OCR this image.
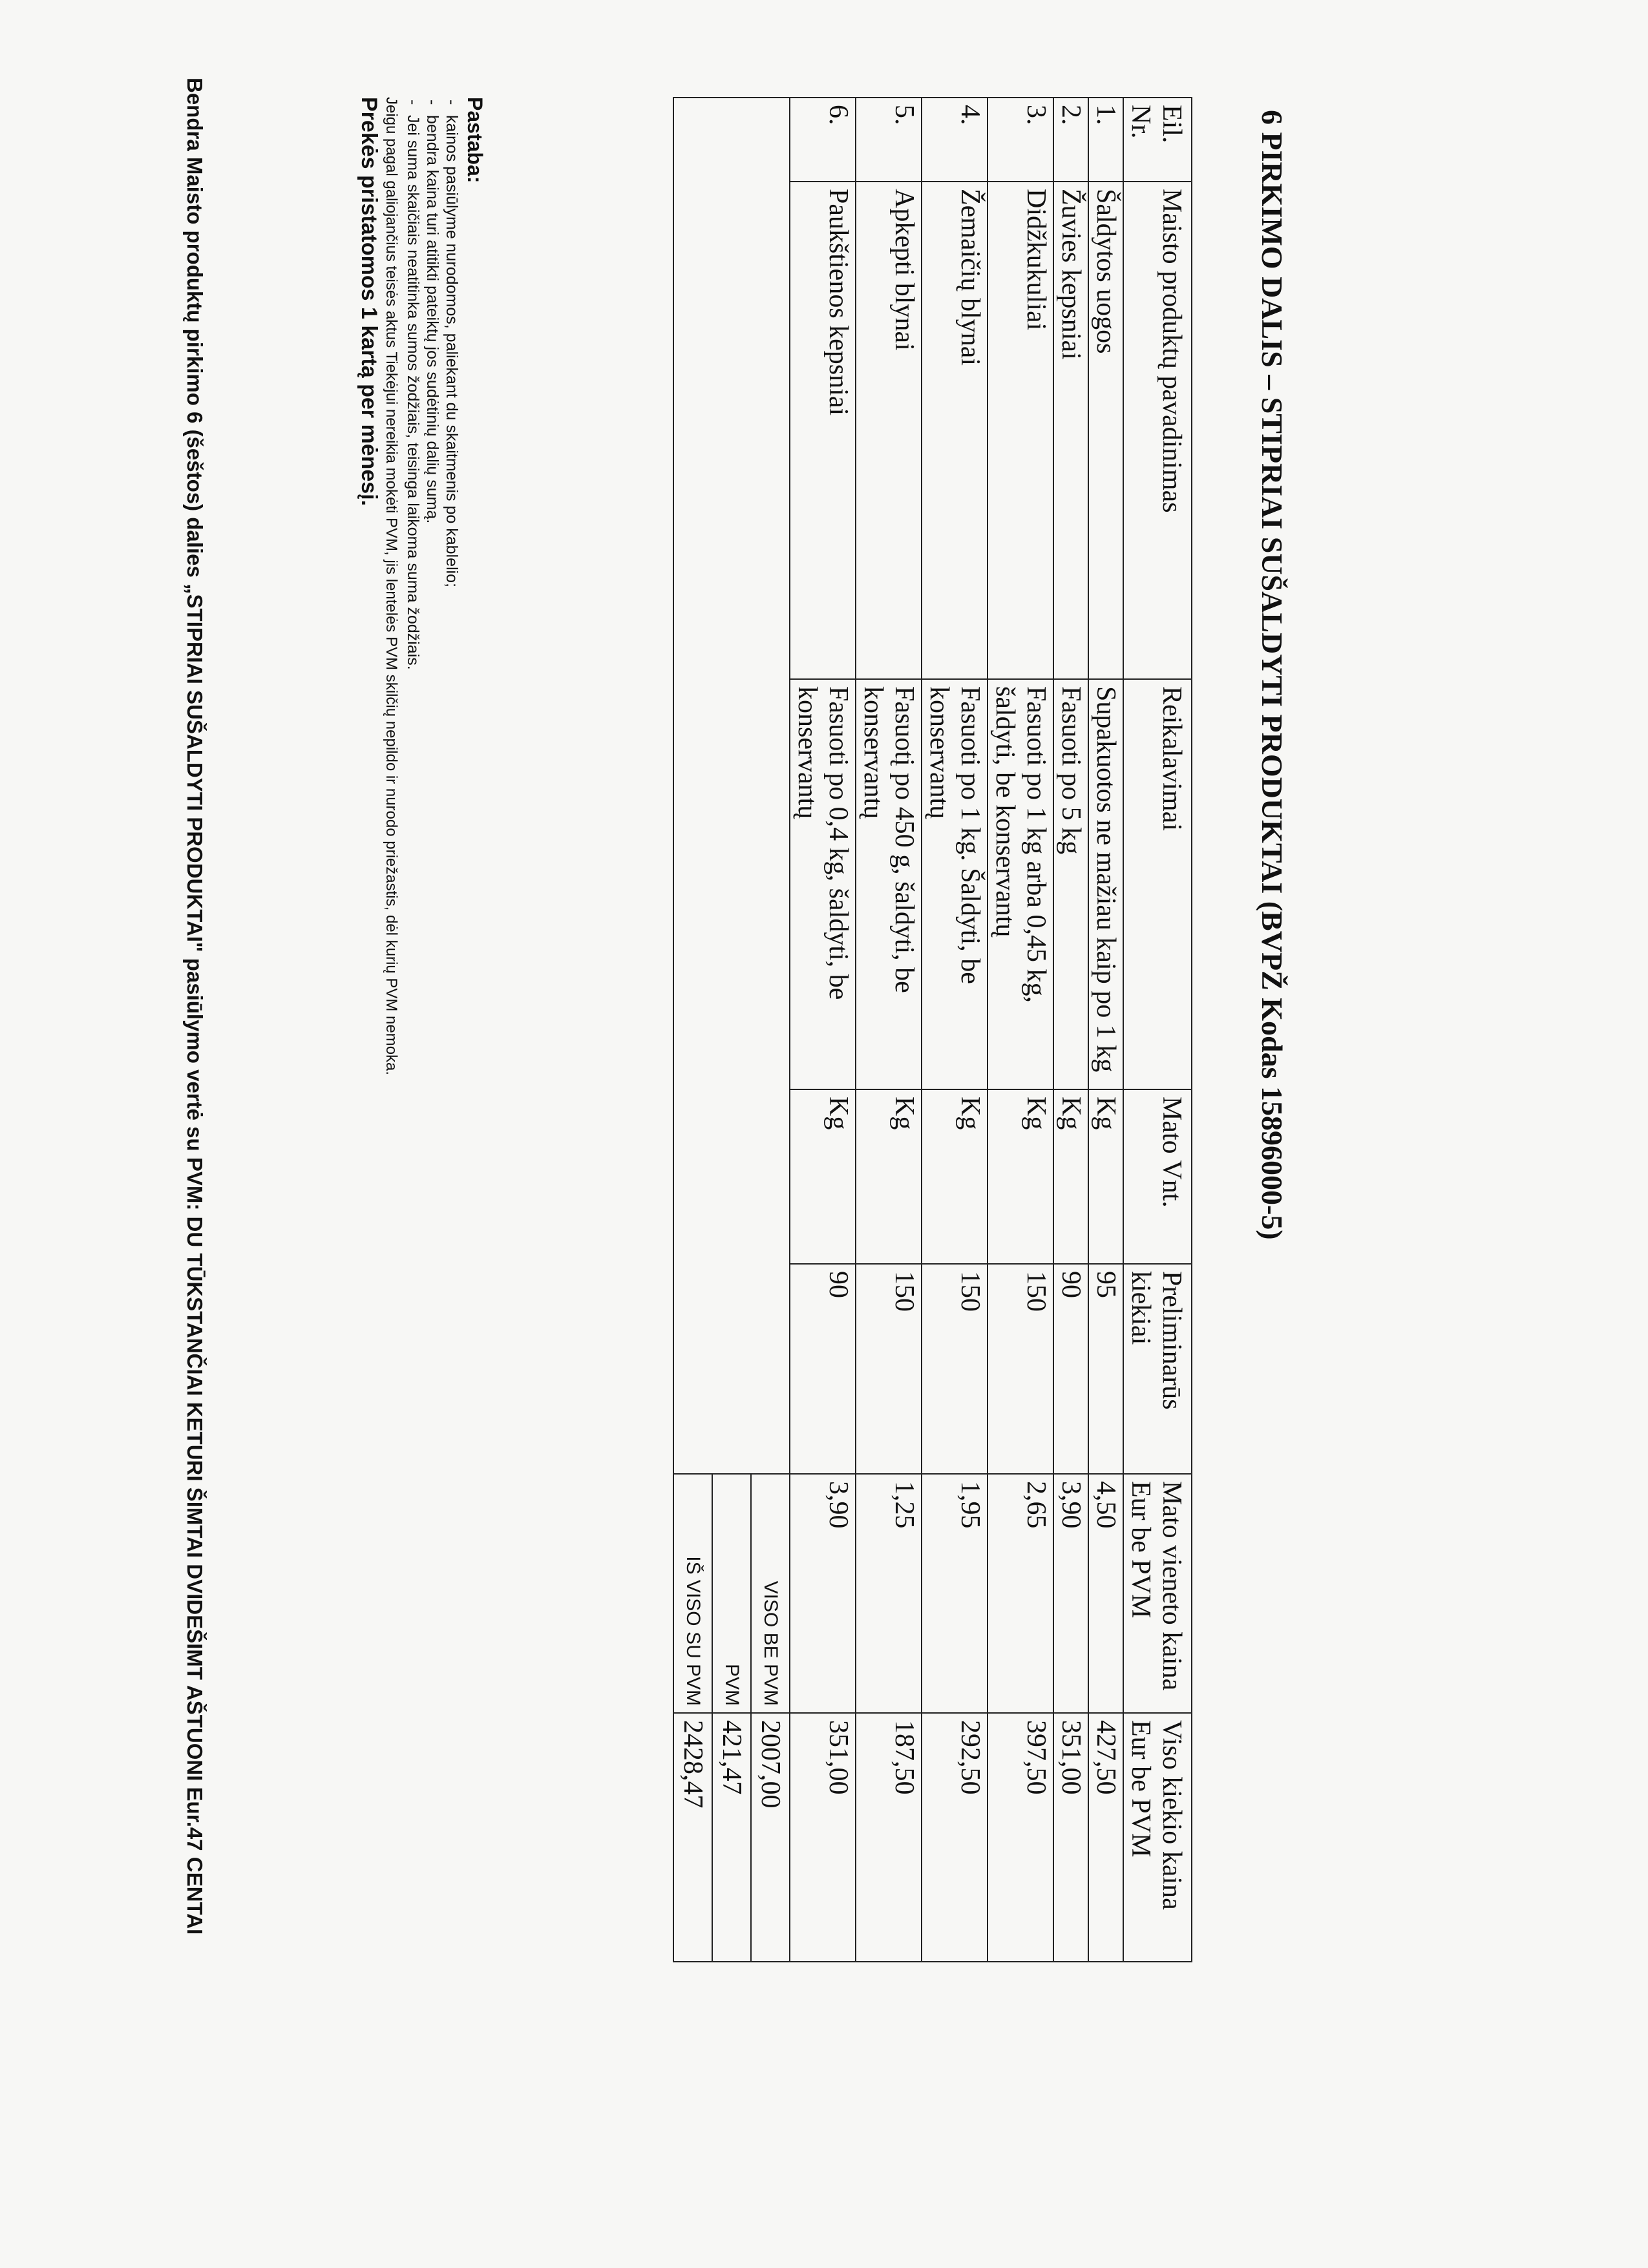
6 PIRKIMO DALIS – STIPRIAI SUŠALDYTI PRODUKTAI (BVPŽ Kodas 15896000-5)
Eil. Nr.	Maisto produktų pavadinimas	Reikalavimai	Mato Vnt.	Preliminarūs kiekiai	Mato vieneto kaina Eur be PVM	Viso kiekio kaina Eur be PVM
1.	Šaldytos uogos	Supakuotos ne mažiau kaip po 1 kg	Kg	95	4,50	427,50
2.	Žuvies kepsniai	Fasuoti po 5 kg	Kg	90	3,90	351,00
3.	Didžkukuliai	Fasuoti po 1 kg arba 0,45 kg, šaldyti, be konservantų	Kg	150	2,65	397,50
4.	Žemaičių blynai	Fasuoti po 1 kg. Šaldyti, be konservantų	Kg	150	1,95	292,50
5.	Apkepti blynai	Fasuotį po 450 g, šaldyti, be konservantų	Kg	150	1,25	187,50
6.	Paukštienos kepsniai	Fasuoti po 0,4 kg, šaldyti, be konservantų	Kg	90	3,90	351,00
					VISO BE PVM	2007,00
					PVM	421,47
					IŠ VISO SU PVM	2428,47
Pastaba:
- kainos pasiūlyme nurodomos, paliekant du skaitmenis po kablelio;
- bendra kaina turi atitikti pateiktų jos sudėtinių dalių sumą.
- Jei suma skaičiais neatitinka sumos žodžiais, teisinga laikoma suma žodžiais.
Jeigu pagal galiojančius teisės aktus Tiekėjui nereikia mokėti PVM, jis lentelės PVM skilčių nepildo ir nurodo priežastis, dėl kurių PVM nemoka.
Prekės pristatomos 1 kartą per mėnesį.
Bendra Maisto produktų pirkimo 6 (šeštos) dalies „STIPRIAI SUŠALDYTI PRODUKTAI" pasiūlymo vertė su PVM: DU TŪKSTANČIAI KETURI ŠIMTAI DVIDEŠIMT AŠTUONI Eur.47 CENTAI
